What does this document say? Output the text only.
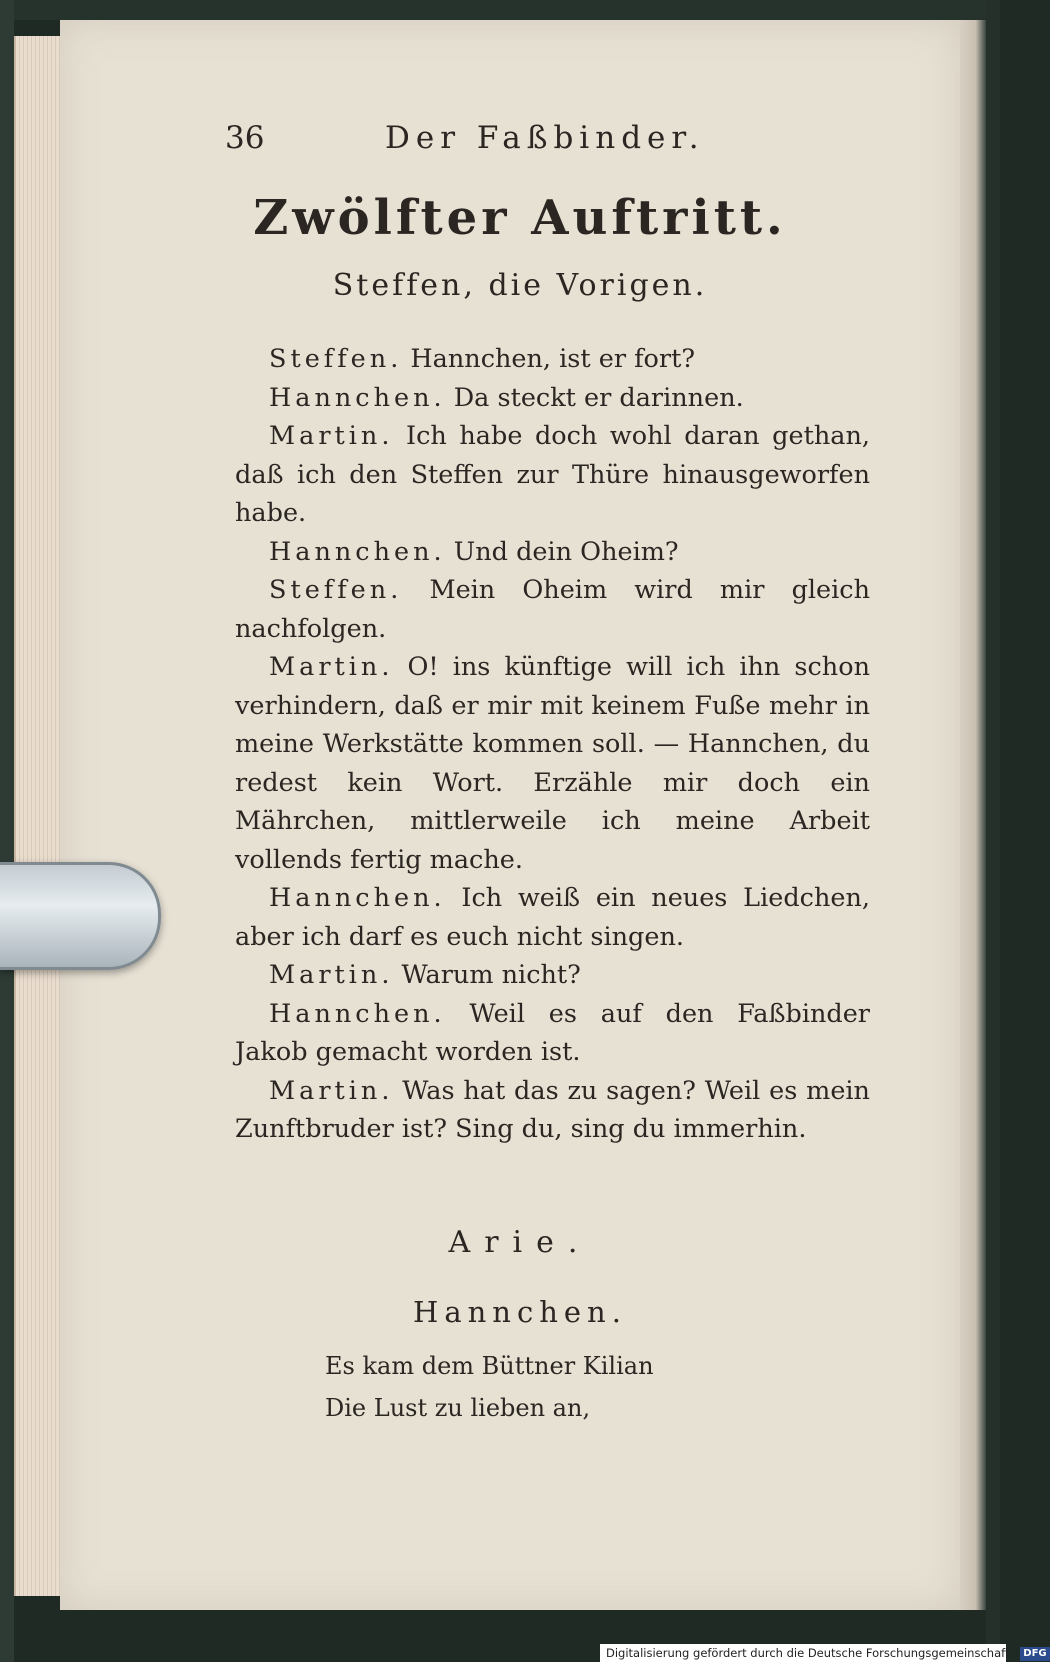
36	Der Faßbinder.
Zwölfter Auftritt.
Steffen, die Vorigen.

Steffen. Hannchen, ist er fort?

Hannchen. Da steckt er darinnen.

Martin. Ich habe doch wohl daran gethan, daß ich den Steffen zur Thüre hinausgeworfen habe.

Hannchen. Und dein Oheim?

Steffen. Mein Oheim wird mir gleich nachfolgen.

Martin. O! ins künftige will ich ihn schon verhindern, daß er mir mit keinem Fuße mehr in meine Werkstätte kommen soll. — Hannchen, du redest kein Wort. Erzähle mir doch ein Mährchen, mittlerweile ich meine Arbeit vollends fertig mache.

Hannchen. Ich weiß ein neues Liedchen, aber ich darf es euch nicht singen.

Martin. Warum nicht?

Hannchen. Weil es auf den Faßbinder Jakob gemacht worden ist.

Martin. Was hat das zu sagen? Weil es mein Zunftbruder ist? Sing du, sing du immerhin.

Arie.
Hannchen.
Es kam dem Büttner Kilian
Die Lust zu lieben an,
Digitalisierung gefördert durch die Deutsche Forschungsgemeinschaft - DFG
